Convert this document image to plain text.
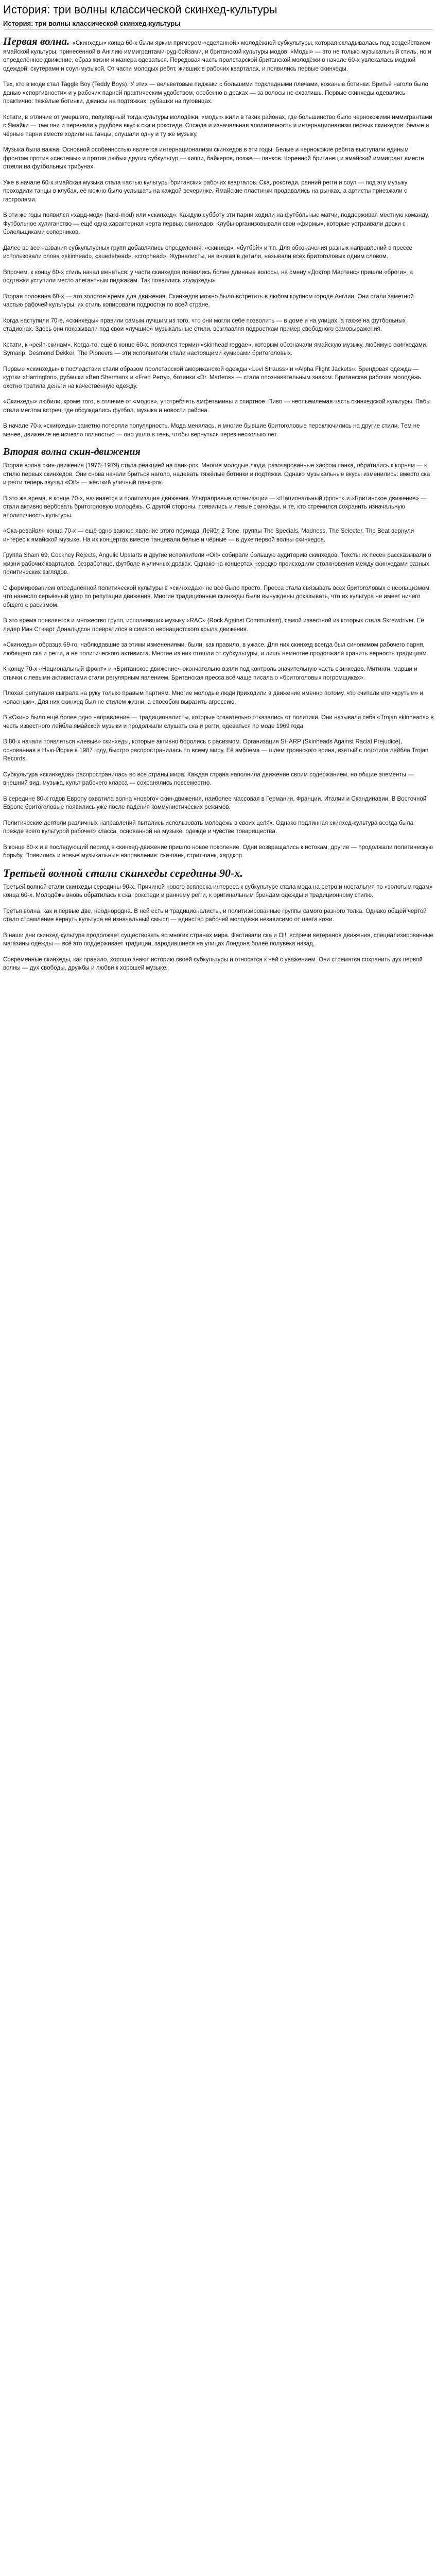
История: три волны классической скинхед-культуры
История: три волны классической скинхед-культуры

Первая волна. «Скинхеды» конца 60-х были ярким примером «сделанной» молодёжной субкультуры, которая складывалась под воздействием ямайской культуры, принесённой в Англию иммигрантами-руд-бойзами, и британской культуры модов. «Моды» — это не только музыкальный стиль, но и определённое движение, образ жизни и манера одеваться. Передовая часть пролетарской британской молодёжи в начале 60-х увлекалась модной одеждой, скутерами и соул-музыкой. От части молодых ребят, живших в рабочих кварталах, и появились первые скинхеды.

Тех, кто в моде стал Taggle Boy (Teddy Boys). У этих — вельветовые пиджаки с большими подкладными плечами, кожаные ботинки. Бритьё наголо было данью «спортивности» и у рабочих парней практическим удобством, особенно в драках — за волосы не схватишь. Первые скинхеды одевались практично: тяжёлые ботинки, джинсы на подтяжках, рубашки на пуговицах.

Кстати, в отличие от умершего, популярный тогда культуры молодёжи, «моды» жили в таких районах, где большинство было чернокожими иммигрантами с Ямайки — там они и переняли у рудбоев вкус к ска и рокстеди. Отсюда и изначальная аполитичность и интернационализм первых скинхедов: белые и чёрные парни вместе ходили на танцы, слушали одну и ту же музыку.

Музыка была важна. Основной особенностью является интернационализм скинхедов в эти годы. Белые и чернокожие ребята выступали единым фронтом против «системы» и против любых других субкультур — хиппи, байкеров, позже — панков. Коренной британец и ямайский иммигрант вместе стояли на футбольных трибунах.

Уже в начале 60-х ямайская музыка стала частью культуры британских рабочих кварталов. Ска, рокстеди, ранний регги и соул — под эту музыку проходили танцы в клубах, её можно было услышать на каждой вечеринке. Ямайские пластинки продавались на рынках, а артисты приезжали с гастролями.

В эти же годы появился «хард-мод» (hard-mod) или «скинхед». Каждую субботу эти парни ходили на футбольные матчи, поддерживая местную команду. Футбольное хулиганство — ещё одна характерная черта первых скинхедов. Клубы организовывали свои «фирмы», которые устраивали драки с болельщиками соперников.

Далее во все названия субкультурных групп добавлялись определения: «скинхед», «бутбой» и т.п. Для обозначения разных направлений в прессе использовали слова «skinhead», «suedehead», «crophead». Журналисты, не вникая в детали, называли всех бритоголовых одним словом.

Впрочем, к концу 60-х стиль начал меняться: у части скинхедов появились более длинные волосы, на смену «Доктор Мартенс» пришли «броги», а подтяжки уступили место элегантным пиджакам. Так появились «суэдхеды».

Вторая половина 60-х — это золотое время для движения. Скинхедов можно было встретить в любом крупном городе Англии. Они стали заметной частью рабочей культуры, их стиль копировали подростки по всей стране.

Когда наступили 70-е, «скинхеды» правили самым лучшим из того, что они могли себе позволить — в доме и на улицах, а также на футбольных стадионах. Здесь они показывали под свои «лучшие» музыкальные стили, возглавляя подросткам пример свободного самовыражения.

Кстати, к «рейп-скинам». Когда-то, ещё в конце 60-х, появился термин «skinhead reggae», которым обозначали ямайскую музыку, любимую скинхедами. Symarip, Desmond Dekker, The Pioneers — эти исполнители стали настоящими кумирами бритоголовых.

Первые «скинхеды» в последствии стали образом пролетарской американской одежды «Levi Strauss» и «Alpha Flight Jackets». Брендовая одежда — куртки «Harrington», рубашки «Ben Sherman» и «Fred Perry», ботинки «Dr. Martens» — стала опознавательным знаком. Британская рабочая молодёжь охотно тратила деньги на качественную одежду.

«Скинхеды» любили, кроме того, в отличие от «модов», употреблять амфетамины и спиртное. Пиво — неотъемлемая часть скинхедской культуры. Пабы стали местом встреч, где обсуждались футбол, музыка и новости района.

В начале 70-х «скинхеды» заметно потеряли популярность. Мода менялась, и многие бывшие бритоголовые переключились на другие стили. Тем не менее, движение не исчезло полностью — оно ушло в тень, чтобы вернуться через несколько лет.

Вторая волна скин-движения

Вторая волна скин-движения (1976–1979) стала реакцией на панк-рок. Многие молодые люди, разочарованные хаосом панка, обратились к корням — к стилю первых скинхедов. Они снова начали бриться наголо, надевать тяжёлые ботинки и подтяжки. Однако музыкальные вкусы изменились: вместо ска и регги теперь звучал «Oi!» — жёсткий уличный панк-рок.

В это же время, в конце 70-х, начинается и политизация движения. Ультраправые организации — «Национальный фронт» и «Британское движение» — стали активно вербовать бритоголовую молодёжь. С другой стороны, появились и левые скинхеды, и те, кто стремился сохранить изначальную аполитичность культуры.

«Ска-ревайвл» конца 70-х — ещё одно важное явление этого периода. Лейбл 2 Tone, группы The Specials, Madness, The Selecter, The Beat вернули интерес к ямайской музыке. На их концертах вместе танцевали белые и чёрные — в духе первой волны скинхедов.

Группа Sham 69, Cockney Rejects, Angelic Upstarts и другие исполнители «Oi!» собирали большую аудиторию скинхедов. Тексты их песен рассказывали о жизни рабочих кварталов, безработице, футболе и уличных драках. Однако на концертах нередко происходили столкновения между скинхедами разных политических взглядов.

С формированием определённой политической культуры в «скинхедах» не всё было просто. Пресса стала связывать всех бритоголовых с неонацизмом, что нанесло серьёзный удар по репутации движения. Многие традиционные скинхеды были вынуждены доказывать, что их культура не имеет ничего общего с расизмом.

В это время появляется и множество групп, исполнявших музыку «RAC» (Rock Against Communism), самой известной из которых стала Skrewdriver. Её лидер Иан Стюарт Дональдсон превратился в символ неонацистского крыла движения.

«Скинхеды» образца 69-го, наблюдавшие за этими изменениями, были, как правило, в ужасе. Для них скинхед всегда был синонимом рабочего парня, любящего ска и регги, а не политического активиста. Многие из них отошли от субкультуры, и лишь немногие продолжали хранить верность традициям.

К концу 70-х «Национальный фронт» и «Британское движение» окончательно взяли под контроль значительную часть скинхедов. Митинги, марши и стычки с левыми активистами стали регулярным явлением. Британская пресса всё чаще писала о «бритоголовых погромщиках».

Плохая репутация сыграла на руку только правым партиям. Многие молодые люди приходили в движение именно потому, что считали его «крутым» и «опасным». Для них скинхед был не стилем жизни, а способом выразить агрессию.

В «Скин» было ещё более одно направление — традиционалисты, которые сознательно отказались от политики. Они называли себя «Trojan skinheads» в честь известного лейбла ямайской музыки и продолжали слушать ска и регги, одеваться по моде 1969 года.

В 80-х начали появляться «левые» скинхеды, которые активно боролись с расизмом. Организация SHARP (Skinheads Against Racial Prejudice), основанная в Нью-Йорке в 1987 году, быстро распространилась по всему миру. Её эмблема — шлем троянского воина, взятый с логотипа лейбла Trojan Records.

Субкультура «скинхедов» распространилась во все страны мира. Каждая страна наполнила движение своим содержанием, но общие элементы — внешний вид, музыка, культ рабочего класса — сохранялись повсеместно.

В середине 80-х годов Европу охватила волна «нового» скин-движения, наиболее массовая в Германии, Франции, Италии и Скандинавии. В Восточной Европе бритоголовые появились уже после падения коммунистических режимов.

Политические деятели различных направлений пытались использовать молодёжь в своих целях. Однако подлинная скинхед-культура всегда была прежде всего культурой рабочего класса, основанной на музыке, одежде и чувстве товарищества.

В конце 80-х и в последующий период в скинхед-движение пришло новое поколение. Одни возвращались к истокам, другие — продолжали политическую борьбу. Появились и новые музыкальные направления: ска-панк, стрит-панк, хардкор.

Третьей волной стали скинхеды середины 90-х.

Третьей волной стали скинхеды середины 90-х. Причиной нового всплеска интереса к субкультуре стала мода на ретро и ностальгия по «золотым годам» конца 60-х. Молодёжь вновь обратилась к ска, рокстеди и раннему регги, к оригинальным брендам одежды и традиционному стилю.

Третья волна, как и первые две, неоднородна. В ней есть и традиционалисты, и политизированные группы самого разного толка. Однако общей чертой стало стремление вернуть культуре её изначальный смысл — единство рабочей молодёжи независимо от цвета кожи.

В наши дни скинхед-культура продолжает существовать во многих странах мира. Фестивали ска и Oi!, встречи ветеранов движения, специализированные магазины одежды — всё это поддерживает традиции, зародившиеся на улицах Лондона более полувека назад.

Современные скинхеды, как правило, хорошо знают историю своей субкультуры и относятся к ней с уважением. Они стремятся сохранить дух первой волны — дух свободы, дружбы и любви к хорошей музыке.
